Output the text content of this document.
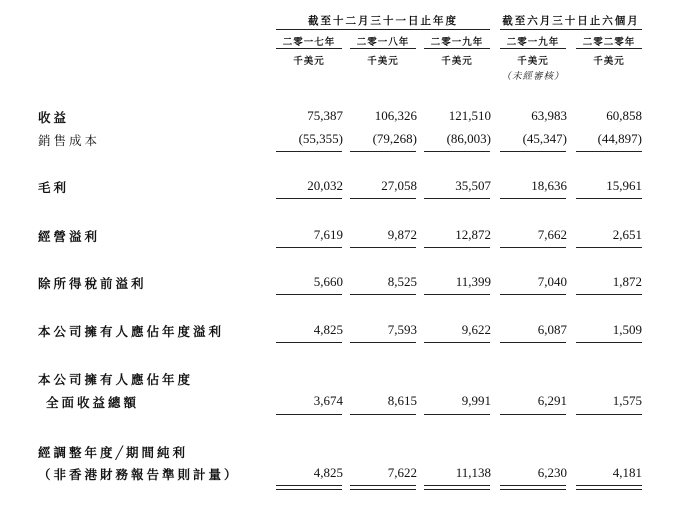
截至十二月三十一日止年度	截至六月三十日止六個月
二零一七年	二零一八年	二零一九年	二零一九年	二零二零年
千美元	千美元	千美元	千美元	千美元
（未經審核）
收益	75,387	106,326	121,510	63,983	60,858
銷售成本	(55,355)	(79,268)	(86,003)	(45,347)	(44,897)
毛利	20,032	27,058	35,507	18,636	15,961
經營溢利	7,619	9,872	12,872	7,662	2,651
除所得稅前溢利	5,660	8,525	11,399	7,040	1,872
本公司擁有人應佔年度溢利	4,825	7,593	9,622	6,087	1,509
本公司擁有人應佔年度
全面收益總額	3,674	8,615	9,991	6,291	1,575
經調整年度╱期間純利
（非香港財務報告準則計量）	4,825	7,622	11,138	6,230	4,181
